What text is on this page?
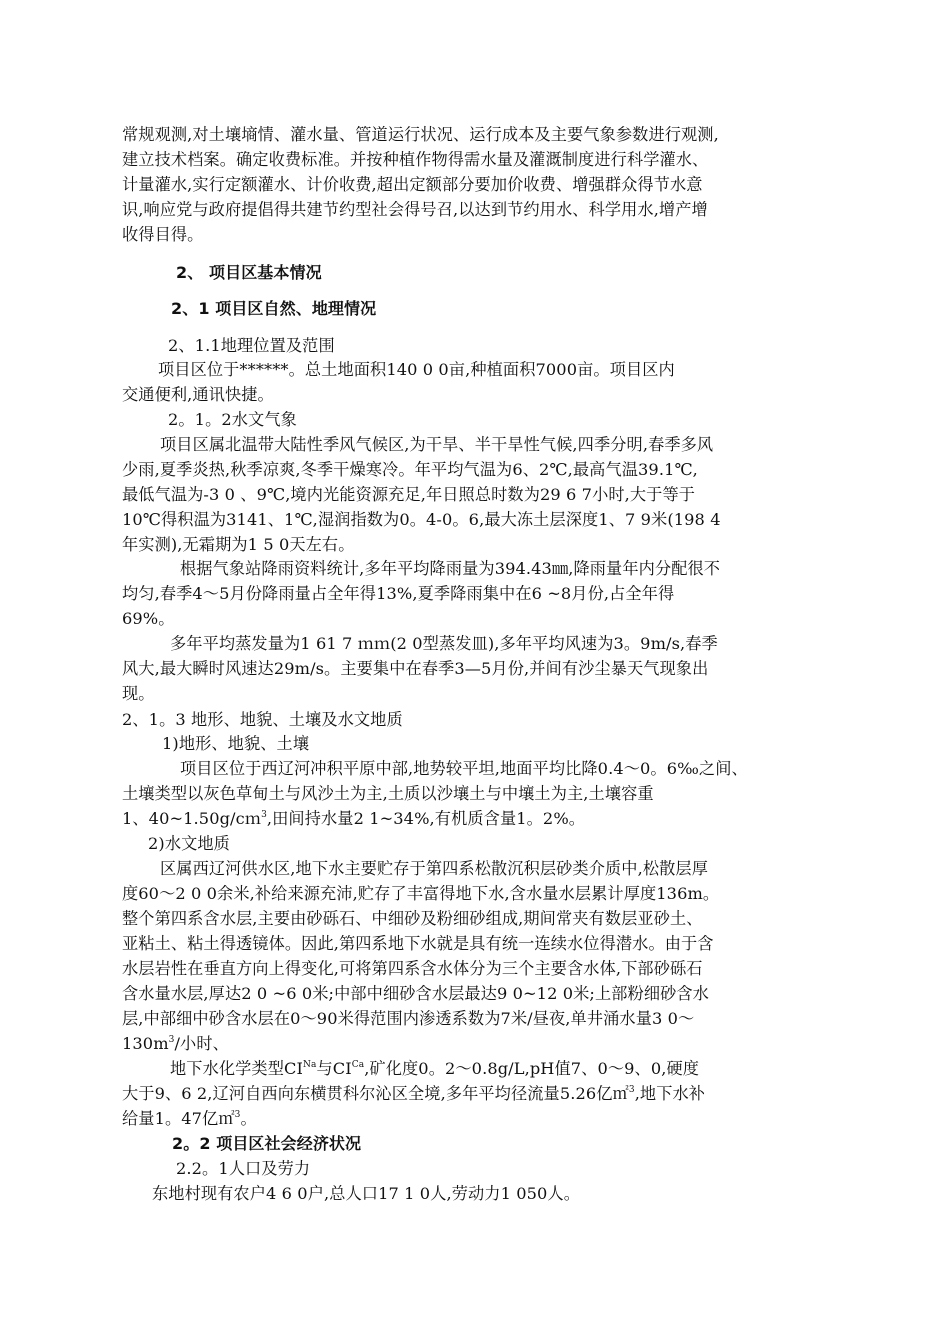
常规观测,对土壤墒情、灌水量、管道运行状况、运行成本及主要气象参数进行观测,
建立技术档案。确定收费标准。并按种植作物得需水量及灌溉制度进行科学灌水、
计量灌水,实行定额灌水、计价收费,超出定额部分要加价收费、增强群众得节水意
识,响应党与政府提倡得共建节约型社会得号召,以达到节约用水、科学用水,增产增
收得目得。
2、 项目区基本情况
2、1 项目区自然、地理情况
2、1.1地理位置及范围
项目区位于******。总土地面积140 0 0亩,种植面积7000亩。项目区内
交通便利,通讯快捷。
2。1。2水文气象
项目区属北温带大陆性季风气候区,为干旱、半干旱性气候,四季分明,春季多风
少雨,夏季炎热,秋季凉爽,冬季干燥寒冷。年平均气温为6、2℃,最高气温39.1℃,
最低气温为-3 0 、9℃,境内光能资源充足,年日照总时数为29 6 7小时,大于等于
10℃得积温为3141、1℃,湿润指数为0。4-0。6,最大冻土层深度1、7 9米(198 4
年实测),无霜期为1 5 0天左右。
根据气象站降雨资料统计,多年平均降雨量为394.43㎜,降雨量年内分配很不
均匀,春季4～5月份降雨量占全年得13%,夏季降雨集中在6 ~8月份,占全年得
69%。
多年平均蒸发量为1 61 7 ｍｍ(2 0型蒸发皿),多年平均风速为3。9m/s,春季
风大,最大瞬时风速达29m/s。主要集中在春季3—5月份,并间有沙尘暴天气现象出
现。
2、1。3 地形、地貌、土壤及水文地质
1)地形、地貌、土壤
项目区位于西辽河冲积平原中部,地势较平坦,地面平均比降0.4～0。6‰之间、
土壤类型以灰色草甸土与风沙土为主,土质以沙壤土与中壤土为主,土壤容重
1、40~1.50g/cｍ$^3$,田间持水量2 1~34%,有机质含量1。2%。
2)水文地质
区属西辽河供水区,地下水主要贮存于第四系松散沉积层砂类介质中,松散层厚
度60～2 0 0余米,补给来源充沛,贮存了丰富得地下水,含水量水层累计厚度136m。
整个第四系含水层,主要由砂砾石、中细砂及粉细砂组成,期间常夹有数层亚砂土、
亚粘土、粘土得透镜体。因此,第四系地下水就是具有统一连续水位得潜水。由于含
水层岩性在垂直方向上得变化,可将第四系含水体分为三个主要含水体,下部砂砾石
含水量水层,厚达2 0 ~6 0米;中部中细砂含水层最达9 0~12 0米;上部粉细砂含水
层,中部细中砂含水层在0～90米得范围内渗透系数为7米/昼夜,单井涌水量3 0～
$130m^3/$小时、
地下水化学类型$CI^{Na}$与$CI^{Ca}$,矿化度0。2～0.8g/L,pH值7、0～9、0,硬度
大于9、6 2,辽河自西向东横贯科尔沁区全境,多年平均径流量5.26亿㎡$^3$,地下水补
给量1。47亿㎡$^3$。
2。2 项目区社会经济状况
2.2。1人口及劳力
东地村现有农户4 6 0户,总人口17 1 0人,劳动力1 050人。
